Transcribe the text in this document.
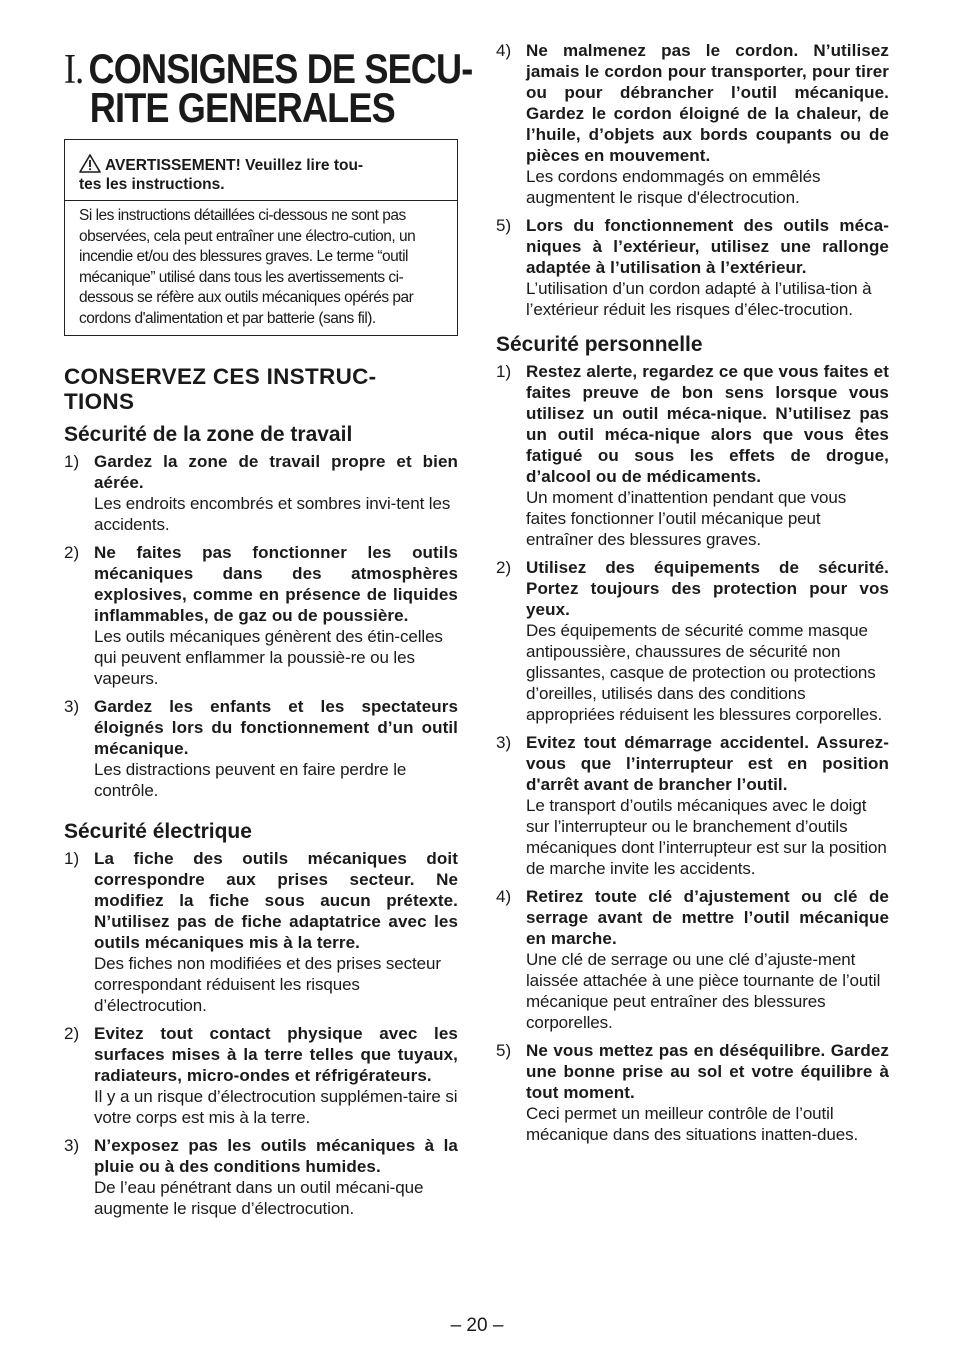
I. CONSIGNES DE SECU-
RITE GENERALES
AVERTISSEMENT! Veuillez lire tou-
tes les instructions.
Si les instructions détaillées ci-dessous ne sont pas observées, cela peut entraîner une électro-cution, un incendie et/ou des blessures graves. Le terme “outil mécanique” utilisé dans tous les avertissements ci-dessous se réfère aux outils mécaniques opérés par cordons d'alimentation et par batterie (sans fil).
CONSERVEZ CES INSTRUC-
TIONS
Sécurité de la zone de travail
1) Gardez la zone de travail propre et bien aérée.
Les endroits encombrés et sombres invi-tent les accidents.
2) Ne faites pas fonctionner les outils mécaniques dans des atmosphères explosives, comme en présence de liquides inflammables, de gaz ou de poussière.
Les outils mécaniques génèrent des étin-celles qui peuvent enflammer la poussiè-re ou les vapeurs.
3) Gardez les enfants et les spectateurs éloignés lors du fonctionnement d’un outil mécanique.
Les distractions peuvent en faire perdre le contrôle.
Sécurité électrique
1) La fiche des outils mécaniques doit correspondre aux prises secteur. Ne modifiez la fiche sous aucun prétexte. N’utilisez pas de fiche adaptatrice avec les outils mécaniques mis à la terre.
Des fiches non modifiées et des prises secteur correspondant réduisent les risques d’électrocution.
2) Evitez tout contact physique avec les surfaces mises à la terre telles que tuyaux, radiateurs, micro-ondes et réfrigérateurs.
Il y a un risque d’électrocution supplémen-taire si votre corps est mis à la terre.
3) N’exposez pas les outils mécaniques à la pluie ou à des conditions humides.
De l’eau pénétrant dans un outil mécani-que augmente le risque d’électrocution.
4) Ne malmenez pas le cordon. N’utilisez jamais le cordon pour transporter, pour tirer ou pour débrancher l’outil mécanique. Gardez le cordon éloigné de la chaleur, de l’huile, d’objets aux bords coupants ou de pièces en mouvement.
Les cordons endommagés on emmêlés augmentent le risque d'électrocution.
5) Lors du fonctionnement des outils méca-niques à l’extérieur, utilisez une rallonge adaptée à l’utilisation à l’extérieur.
L’utilisation d’un cordon adapté à l’utilisa-tion à l’extérieur réduit les risques d’élec-trocution.
Sécurité personnelle
1) Restez alerte, regardez ce que vous faites et faites preuve de bon sens lorsque vous utilisez un outil méca-nique. N’utilisez pas un outil méca-nique alors que vous êtes fatigué ou sous les effets de drogue, d’alcool ou de médicaments.
Un moment d’inattention pendant que vous faites fonctionner l’outil mécanique peut entraîner des blessures graves.
2) Utilisez des équipements de sécurité. Portez toujours des protection pour vos yeux.
Des équipements de sécurité comme masque antipoussière, chaussures de sécurité non glissantes, casque de protection ou protections d’oreilles, utilisés dans des conditions appropriées réduisent les blessures corporelles.
3) Evitez tout démarrage accidentel. Assurez-vous que l’interrupteur est en position d'arrêt avant de brancher l’outil.
Le transport d’outils mécaniques avec le doigt sur l’interrupteur ou le branchement d’outils mécaniques dont l’interrupteur est sur la position de marche invite les accidents.
4) Retirez toute clé d’ajustement ou clé de serrage avant de mettre l’outil mécanique en marche.
Une clé de serrage ou une clé d’ajuste-ment laissée attachée à une pièce tournante de l’outil mécanique peut entraîner des blessures corporelles.
5) Ne vous mettez pas en déséquilibre. Gardez une bonne prise au sol et votre équilibre à tout moment.
Ceci permet un meilleur contrôle de l’outil mécanique dans des situations inatten-dues.
– 20 –
